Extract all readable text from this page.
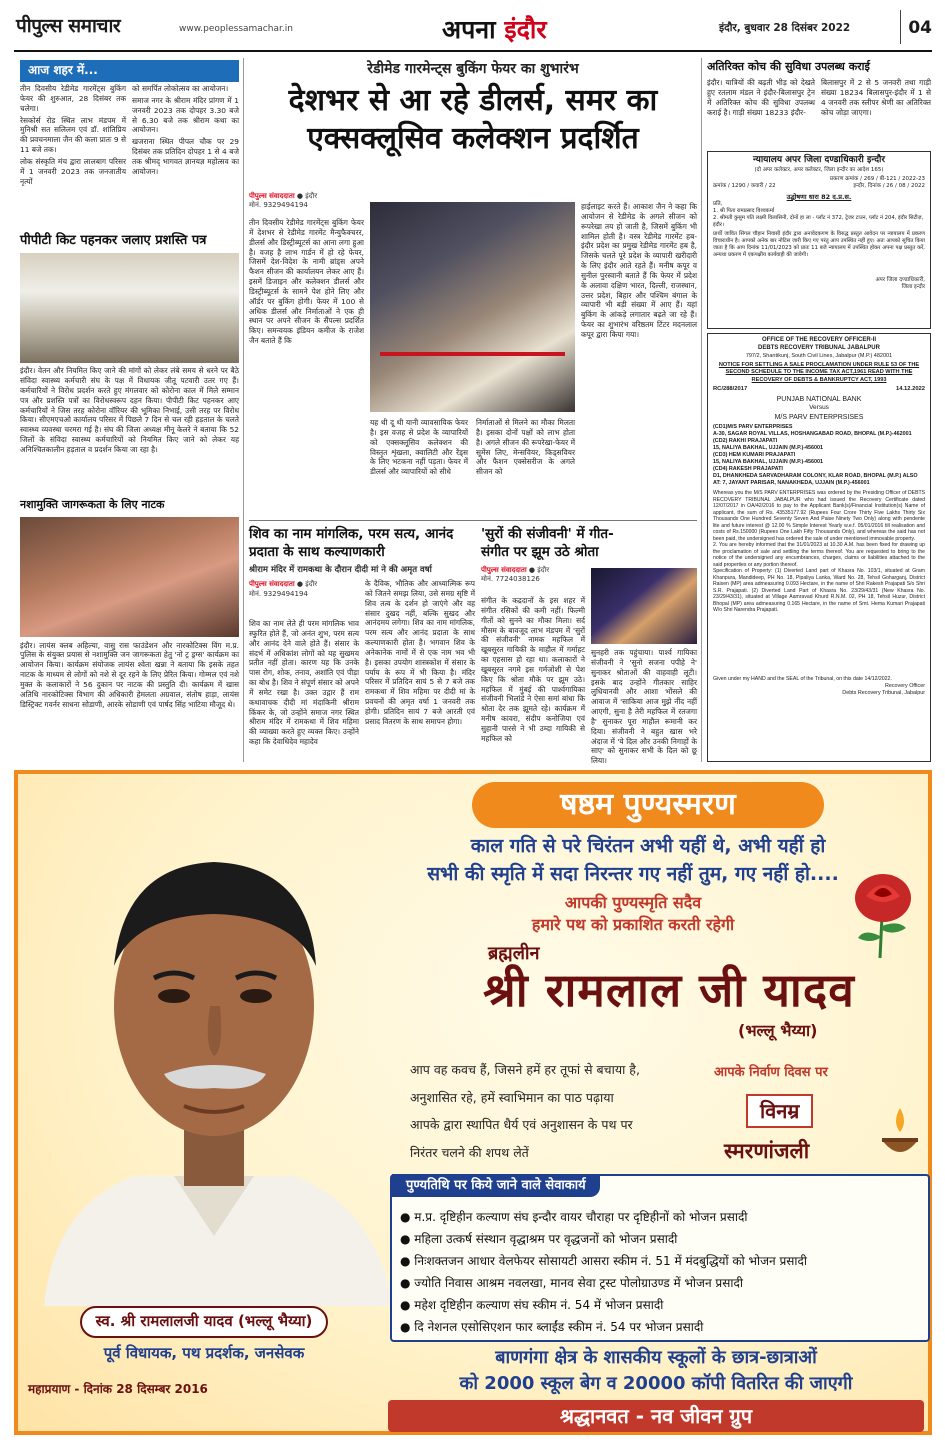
पीपुल्स समाचार	www.peoplessamachar.in	अपना इंदौर	इंदौर, बुधवार 28 दिसंबर 2022	04
आज शहर में...
तीन दिवसीय रेडीमेड गारमेंट्स बुकिंग फेयर की शुरुआत, 28 दिसंबर तक चलेगा।
रेसकोर्स रोड स्थित लाभ मंडपम में मुनिश्री सत सलिलम एवं डॉ. शांतिप्रिय की प्रवचनमाला जैन की कला प्रातः 9 से 11 बजे तक।
लोक संस्कृति मंच द्वारा लालबाग परिसर में 1 जनवरी 2023 तक जनजातीय नृत्यों
को समर्पित लोकोत्सव का आयोजन।
समाज नगर के श्रीराम मंदिर प्रांगण में 1 जनवरी 2023 तक दोपहर 3.30 बजे से 6.30 बजे तक श्रीराम कथा का आयोजन।
खजराना स्थित पीपल चौक पर 29 दिसंबर तक प्रतिदिन दोपहर 1 से 4 बजे तक श्रीमद् भागवत ज्ञानयज्ञ महोत्सव का आयोजन।
पीपीटी किट पहनकर जलाए प्रशस्ति पत्र
इंदौर। वेतन और नियमित किए जाने की मांगों को लेकर लंबे समय से धरने पर बैठे संविदा स्वास्थ्य कर्मचारी संघ के पक्ष में विधायक जीतू पटवारी उतर गए हैं। कर्मचारियों ने विरोध प्रदर्शन करते हुए मंगलवार को कोरोना काल में मिले सम्मान पत्र और प्रशस्ति पत्रों का विरोधस्वरूप दहन किया। पीपीटी किट पहनकर आए कर्मचारियों ने जिस तरह कोरोना वॉरियर की भूमिका निभाई, उसी तरह पर विरोध किया। सीएमएचओ कार्यालय परिसर में पिछले 7 दिन से चल रही हड़ताल के चलते स्वास्थ्य व्यवस्था चरमरा गई है। संघ की जिला अध्यक्ष मीनू केलरे ने बताया कि 52 जिलों के संविदा स्वास्थ्य कर्मचारियों को नियमित किए जाने को लेकर यह अनिश्चितकालीन हड़ताल व प्रदर्शन किया जा रहा है।
नशामुक्ति जागरूकता के लिए नाटक
इंदौर। लायंस क्लब अहिल्या, वासु रास फाउंडेशन और नारकोटिक्स विंग म.प्र. पुलिस के संयुक्त प्रयास से नशामुक्ति जन जागरूकता हेतु 'नो ट्र ड्रग्स' कार्यक्रम का आयोजन किया। कार्यक्रम संयोजक लायंस श्वेता खन्ना ने बताया कि इसके तहत नाटक के माध्यम से लोगों को नशे से दूर रहने के लिए प्रेरित किया। गोम्मल एवं नशे मुक्त के कलाकारों ने 56 दुकान पर नाटक की प्रस्तुति दी। कार्यक्रम में खास अतिथि नारकोटिक्स विभाग की अधिकारी हेमलता अग्रवाल, संतोष हाड़ा, लायंस डिस्ट्रिक्ट गवर्नर साधना सोडाणी, आरके सोडाणी एवं पार्षद सिंह भाटिया मौजूद थे।
रेडीमेड गारमेन्ट्स बुकिंग फेयर का शुभारंभ
देशभर से आ रहे डीलर्स, समर का
एक्सक्लूसिव कलेक्शन प्रदर्शित
पीपुल्स संवाददाता ● इंदौर
मोनं. 9329494194
तीन दिवसीय रेडीमेड गारमेंट्स बुकिंग फेयर में देशभर से रेडीमेड गारमेंट मैन्युफैक्चरर, डीलर्स और डिस्ट्रीब्यूटर्स का आना लगा हुआ है। वजह है लाभ गार्डन में हो रहे फेयर, जिसमें देश-विदेश के नामी ब्रांड्स अपने फैशन सीजन की कार्यालयन लेकर आए हैं। इसमें डिजाइन और कलेक्शन डीलर्स और डिस्ट्रीब्यूटर्स के सामने पेश होने लिए और ऑर्डर पर बुकिंग होगी। फेयर में 100 से अधिक डीलर्स और निर्माताओं ने एक ही स्थान पर अपने सीजन के सैंपल्स प्रदर्शित किए। समन्वयक इंडियन कमीज के राजेश जैन बताते हैं कि
यह थी दू थी यानी व्यावसायिक फेयर है। इस वजह से प्रदेश के व्यापारियों को एक्सक्लूसिव कलेक्शन की विस्तृत शृंखला, क्वालिटी और रेंड्स के लिए भटकना नहीं पड़ता। फेयर में डीलर्स और व्यापारियों को सीधे
निर्माताओं से मिलने का मौका मिलता है। इसका दोनों पक्षों को लाभ होता है। अगले सीजन की रूपरेखा-फेयर में सूमेंस लिए, मेन्सवियर, किड्सवियर और फैशन एक्सेसरीज के अगले सीजन को
हाईलाइट करते हैं। आकाश जैन ने कहा कि आयोजन से रेडीमेड के अगले सीजन को रूपरेखा तय हो जाती है, जिसमें बुकिंग भी शामिल होती है। वस्त्र रेडीमेड गारमेंट हब-इंदौर प्रदेश का प्रमुख रेडीमेड गारमेंट हब है, जिसके चलते पूरे प्रदेश के व्यापारी खरीदारी के लिए इंदौर आते रहते हैं। मनीष कपूर व सुनील पुरस्वानी बताते हैं कि फेयर में प्रदेश के अलावा दक्षिण भारत, दिल्ली, राजस्थान, उत्तर प्रदेश, बिहार और पश्चिम बंगाल के व्यापारी भी बड़ी संख्या में आए हैं। यहां बुकिंग के आंकड़े लगातार बढ़ते जा रहे हैं। फेयर का शुभारंभ वरिष्ठतम टिंटर मदनलाल कपूर द्वारा किया गया।
शिव का नाम मांगलिक, परम सत्य, आनंद प्रदाता के साथ कल्याणकारी
श्रीराम मंदिर में रामकथा के दौरान दीदी मां ने की अमृत वर्षा
पीपुल्स संवाददाता ● इंदौर
मोनं. 9329494194
शिव का नाम लेते ही परम मांगलिक भाव स्फुरित होते हैं, जो अनंत शुभ, परम सत्य और आनंद देने वाले होते हैं। संसार के संदर्भ में अधिकांश लोगों को यह सुखमय प्रतीत नहीं होता। कारण यह कि उनके पास रोग, शोक, तनाव, अशांति एवं पीड़ा का बोध है। शिव ने संपूर्ण संसार को अपने में समेट रखा है। उक्त उद्गार हैं राम कथावाचक दीदी मां मंदाकिनी श्रीराम किंकर के, जो उन्होंने समाज नगर स्थित श्रीराम मंदिर में रामकथा में शिव महिमा की व्याख्या करते हुए व्यक्त किए। उन्होंने कहा कि देवाधिदेव महादेव
के दैविक, भौतिक और आध्यात्मिक रूप को जितने समझ लिया, उसे समग्र सृष्टि में शिव तत्व के दर्शन हो जाएंगे और वह संसार दुखद नहीं, बल्कि सुखद और आनंदमय लगेगा। शिव का नाम मांगलिक, परम सत्य और आनंद प्रदाता के साथ कल्याणकारी होता है। भगवान शिव के अनेकानेक नामों में से एक नाम भव भी है। इसका उपयोग शास्त्रकोश में संसार के पर्याय के रूप में भी किया है। मंदिर परिसर में प्रतिदिन सायं 5 से 7 बजे तक रामकथा में शिव महिमा पर दीदी मां के प्रवचनों की अमृत वर्षा 1 जनवरी तक होगी। प्रतिदिन सायं 7 बजे आरती एवं प्रसाद वितरण के साथ समापन होगा।
'सुरों की संजीवनी' में गीत-
संगीत पर झूम उठे श्रोता
पीपुल्स संवाददाता ● इंदौर
मोनं. 7724038126
संगीत के कद्रदानों के इस शहर में संगीत रसिकों की कमी नहीं। फिल्मी गीतों को सुनने का मौका मिला। सर्द मौसम के बावजूद लाभ मंडपम में 'सुरों की संजीवनी' नामक महफिल में खूबसूरत गायिकी के माहौल में गर्माहट का एहसास हो रहा था। कलाकारों ने खूबसूरत नगमे इस गर्मजोशी से पेश किए कि श्रोता मौके पर झूम उठे। महफिल में मुंबई की पार्श्वगायिका संजीवनी भिलांडे ने ऐसा समां बांधा कि श्रोता देर तक झूमते रहे। कार्यक्रम में मनीष कावरा, संदीप कनोजिया एवं सुहानी पारसे ने भी उम्दा गायिकी से महफिल को
सुनहरी तक पहुंचाया। पार्श्व गायिका संजीवनी ने 'सुनो सजना पपीहे ने' सुनाकर श्रोताओं की वाहवाही लूटी। इसके बाद उन्होंने गीतकार साहिर लुधियानवी और आशा भोंसले की आवाज में 'साकिया आज मुझे नींद नहीं आएगी, सुना है तेरी महफिल में रतजगा है' सुनाकर पूरा माहौल रूमानी कर दिया। संजीवनी ने बहुत खास भरे अंदाज में 'ये दिल और उनकी निगाहों के साए' को सुनाकर सभी के दिल को छू लिया।
अतिरिक्त कोच की सुविधा उपलब्ध कराई
इंदौर। यात्रियों की बढ़ती भीड़ को देखते हुए रतलाम मंडल ने इंदौर-बिलासपुर ट्रेन में अतिरिक्त कोच की सुविधा उपलब्ध कराई है। गाड़ी संख्या 18233 इंदौर-
बिलासपुर में 2 से 5 जनवरी तथा गाड़ी संख्या 18234 बिलासपुर-इंदौर में 1 से 4 जनवरी तक स्लीपर श्रेणी का अतिरिक्त कोच जोड़ा जाएगा।
न्यायालय अपर जिला दण्डाधिकारी इन्दौर
(दो अपर कलेक्टर, अपर कलेक्टर, जिला इन्दौर का आदेश 165)
प्रकरण क्रमांक / 269 / बी-121 / 2022-23
क्रमांक / 1290 / कवारी / 22	इन्दौर, दिनांक / 26 / 08 / 2022
उद्घोषणा धारा 82 द.प्र.स.
प्रति,
1. श्री पिता रामप्रसाद विश्वकर्मा
2. श्रीमती कुसुम पति लक्ष्मी विलासिनी, दोनों हा ला - प्लॉट नं 372, ट्रेजर टाउन, प्लॉट नं 204, इंदौर सिटीज़, इंदौर।
प्रार्थी जावित सिंगल चौहान निवासी इंदौर द्वारा अनावेदकगण के विरुद्ध प्रस्तुत आवेदन पर न्यायालय में प्रकरण विचाराधीन है। आपको अनेक बार नोटिस जारी किए गए परंतु आप उपस्थित नहीं हुए। अतः आपको सूचित किया जाता है कि आप दिनांक 11/01/2023 को प्रातः 11 बजे न्यायालय में उपस्थित होकर अपना पक्ष प्रस्तुत करें, अन्यथा प्रकरण में एकपक्षीय कार्यवाही की जावेगी।
अपर जिला दण्डाधिकारी,
जिला इन्दौर
OFFICE OF THE RECOVERY OFFICER-II
DEBTS RECOVERY TRIBUNAL JABALPUR
797/2, Shantikunj, South Civil Lines, Jabalpur (M.P.) 482001
NOTICE FOR SETTLING A SALE PROCLAMATION UNDER RULE 53 OF THE SECOND SCHEDULE TO THE INCOME TAX ACT,1961 READ WITH THE RECOVERY OF DEBTS & BANKRUPTCY ACT, 1993
RC/288/2017	14.12.2022
PUNJAB NATIONAL BANK
Versus
M/S PARV ENTERPRSISES
(CD1)M/S PARV ENTERPRISES
A-30, SAGAR ROYAL VILLAS, HOSHANGABAD ROAD, BHOPAL (M.P.)-462001
(CD2) RAKHI PRAJAPATI
15, NALIYA BAKHAL, UJJAIN (M.P.)-456001
(CD3) HEM KUMARI PRAJAPATI
15, NALIYA BAKHAL, UJJAIN (M.P.)-456001
(CD4) RAKESH PRAJAPATI
D1, DHANKHEDA SARVADHARAM COLONY, KLAR ROAD, BHOPAL (M.P.) ALSO AT: 7, JAYANT PARISAR, NANAKHEDA, UJJAIN (M.P.)-456001
Whereas you the M/S PARV ENTERPRISES was ordered by the Presiding Officer of DEBTS RECOVERY TRIBUNAL JABALPUR who had issued the Recovery Certificate dated 12/07/2017 in OA/42/2016 to pay to the Applicant Bank(s)/Financial Institution(s) Name of applicant, the sum of Rs. 43535177.92 (Rupees Four Crore Thirty Five Lakhs Thirty Six Thousands One Hundred Seventy Seven And Paise Ninety Two Only) along with pendente lite and future interest @ 12.00 % Simple Interest Yearly w.e.f. 05/01/2016 till realisation and costs of Rs.150000 (Rupees One Lakh Fifty Thousands Only), and whereas the said has not been paid, the undersigned has ordered the sale of under mentioned immovable property.
2. You are hereby informed that the 31/01/2023 at 10.30 A.M. has been fixed for drawing up the proclamation of sale and settling the terms thereof. You are requested to bring to the notice of the undersigned any encumbrances, charges, claims or liabilities attached to the said properties or any portion thereof.
Specification of Property: (1) Diverted Land part of Khasra No. 103/1, situated at Gram Khanpura, Mandideep, PH No. 18, Pipaliya Lanka, Ward No. 28, Tehsil Goharganj, District Raisen (MP) area admeasuring 0.093 Hectare, in the name of Shri Rakesh Prajapati S/o Shri S.R. Prajapati. (2) Diverted Land Part of Khasra No. 23/29/43/31 (New Khasra No. 23/29/43/31), situated at Village Aamravad Khurd R.N.M. 02, PH 18, Tehsil Huzur, District Bhopal (MP) area admeasuring 0.165 Hectare, in the name of Smt. Hema Kumari Prajapati W/o Shri Narendra Prajapati.
Given under my HAND and the SEAL of the Tribunal, on this date 14/12/2022.
Recovery Officer
Debts Recovery Tribunal, Jabalpur
षष्ठम पुण्यस्मरण
काल गति से परे चिरंतन अभी यहीं थे, अभी यहीं हो
सभी की स्मृति में सदा निरन्तर गए नहीं तुम, गए नहीं हो....
आपकी पुण्यस्मृति सदैव
हमारे पथ को प्रकाशित करती रहेगी
ब्रह्मलीन
श्री रामलाल जी यादव
(भल्लू भैय्या)
आप वह कवच हैं, जिसने हमें हर तूफां से बचाया है,
अनुशासित रहे, हमें स्वाभिमान का पाठ पढ़ाया
आपके द्वारा स्थापित धैर्य एवं अनुशासन के पथ पर
निरंतर चलने की शपथ लेतें
आपके निर्वाण दिवस पर
विनम्र
स्मरणांजली
पुण्यतिथि पर किये जाने वाले सेवाकार्य
● म.प्र. दृष्टिहीन कल्याण संघ इन्दौर वायर चौराहा पर दृष्टिहीनों को भोजन प्रसादी
● महिला उत्कर्ष संस्थान वृद्धाश्रम पर वृद्धजनों को भोजन प्रसादी
● निःशक्तजन आधार वेलफेयर सोसायटी आसरा स्कीम नं. 51 में मंदबुद्धियों को भोजन प्रसादी
● ज्योति निवास आश्रम नवलखा, मानव सेवा ट्रस्ट पोलोग्राउण्ड में भोजन प्रसादी
● महेश दृष्टिहीन कल्याण संघ स्कीम नं. 54 में भोजन प्रसादी
● दि नेशनल एसोसिएशन फार ब्लाईंड स्कीम नं. 54 पर भोजन प्रसादी
स्व. श्री रामलालजी यादव (भल्लू भैय्या)
पूर्व विधायक, पथ प्रदर्शक, जनसेवक
महाप्रयाण - दिनांक 28 दिसम्बर 2016
बाणगंगा क्षेत्र के शासकीय स्कूलों के छात्र-छात्राओं
को 2000 स्कूल बेग व 20000 कॉपी वितरित की जाएगी
श्रद्धानवत - नव जीवन ग्रुप
